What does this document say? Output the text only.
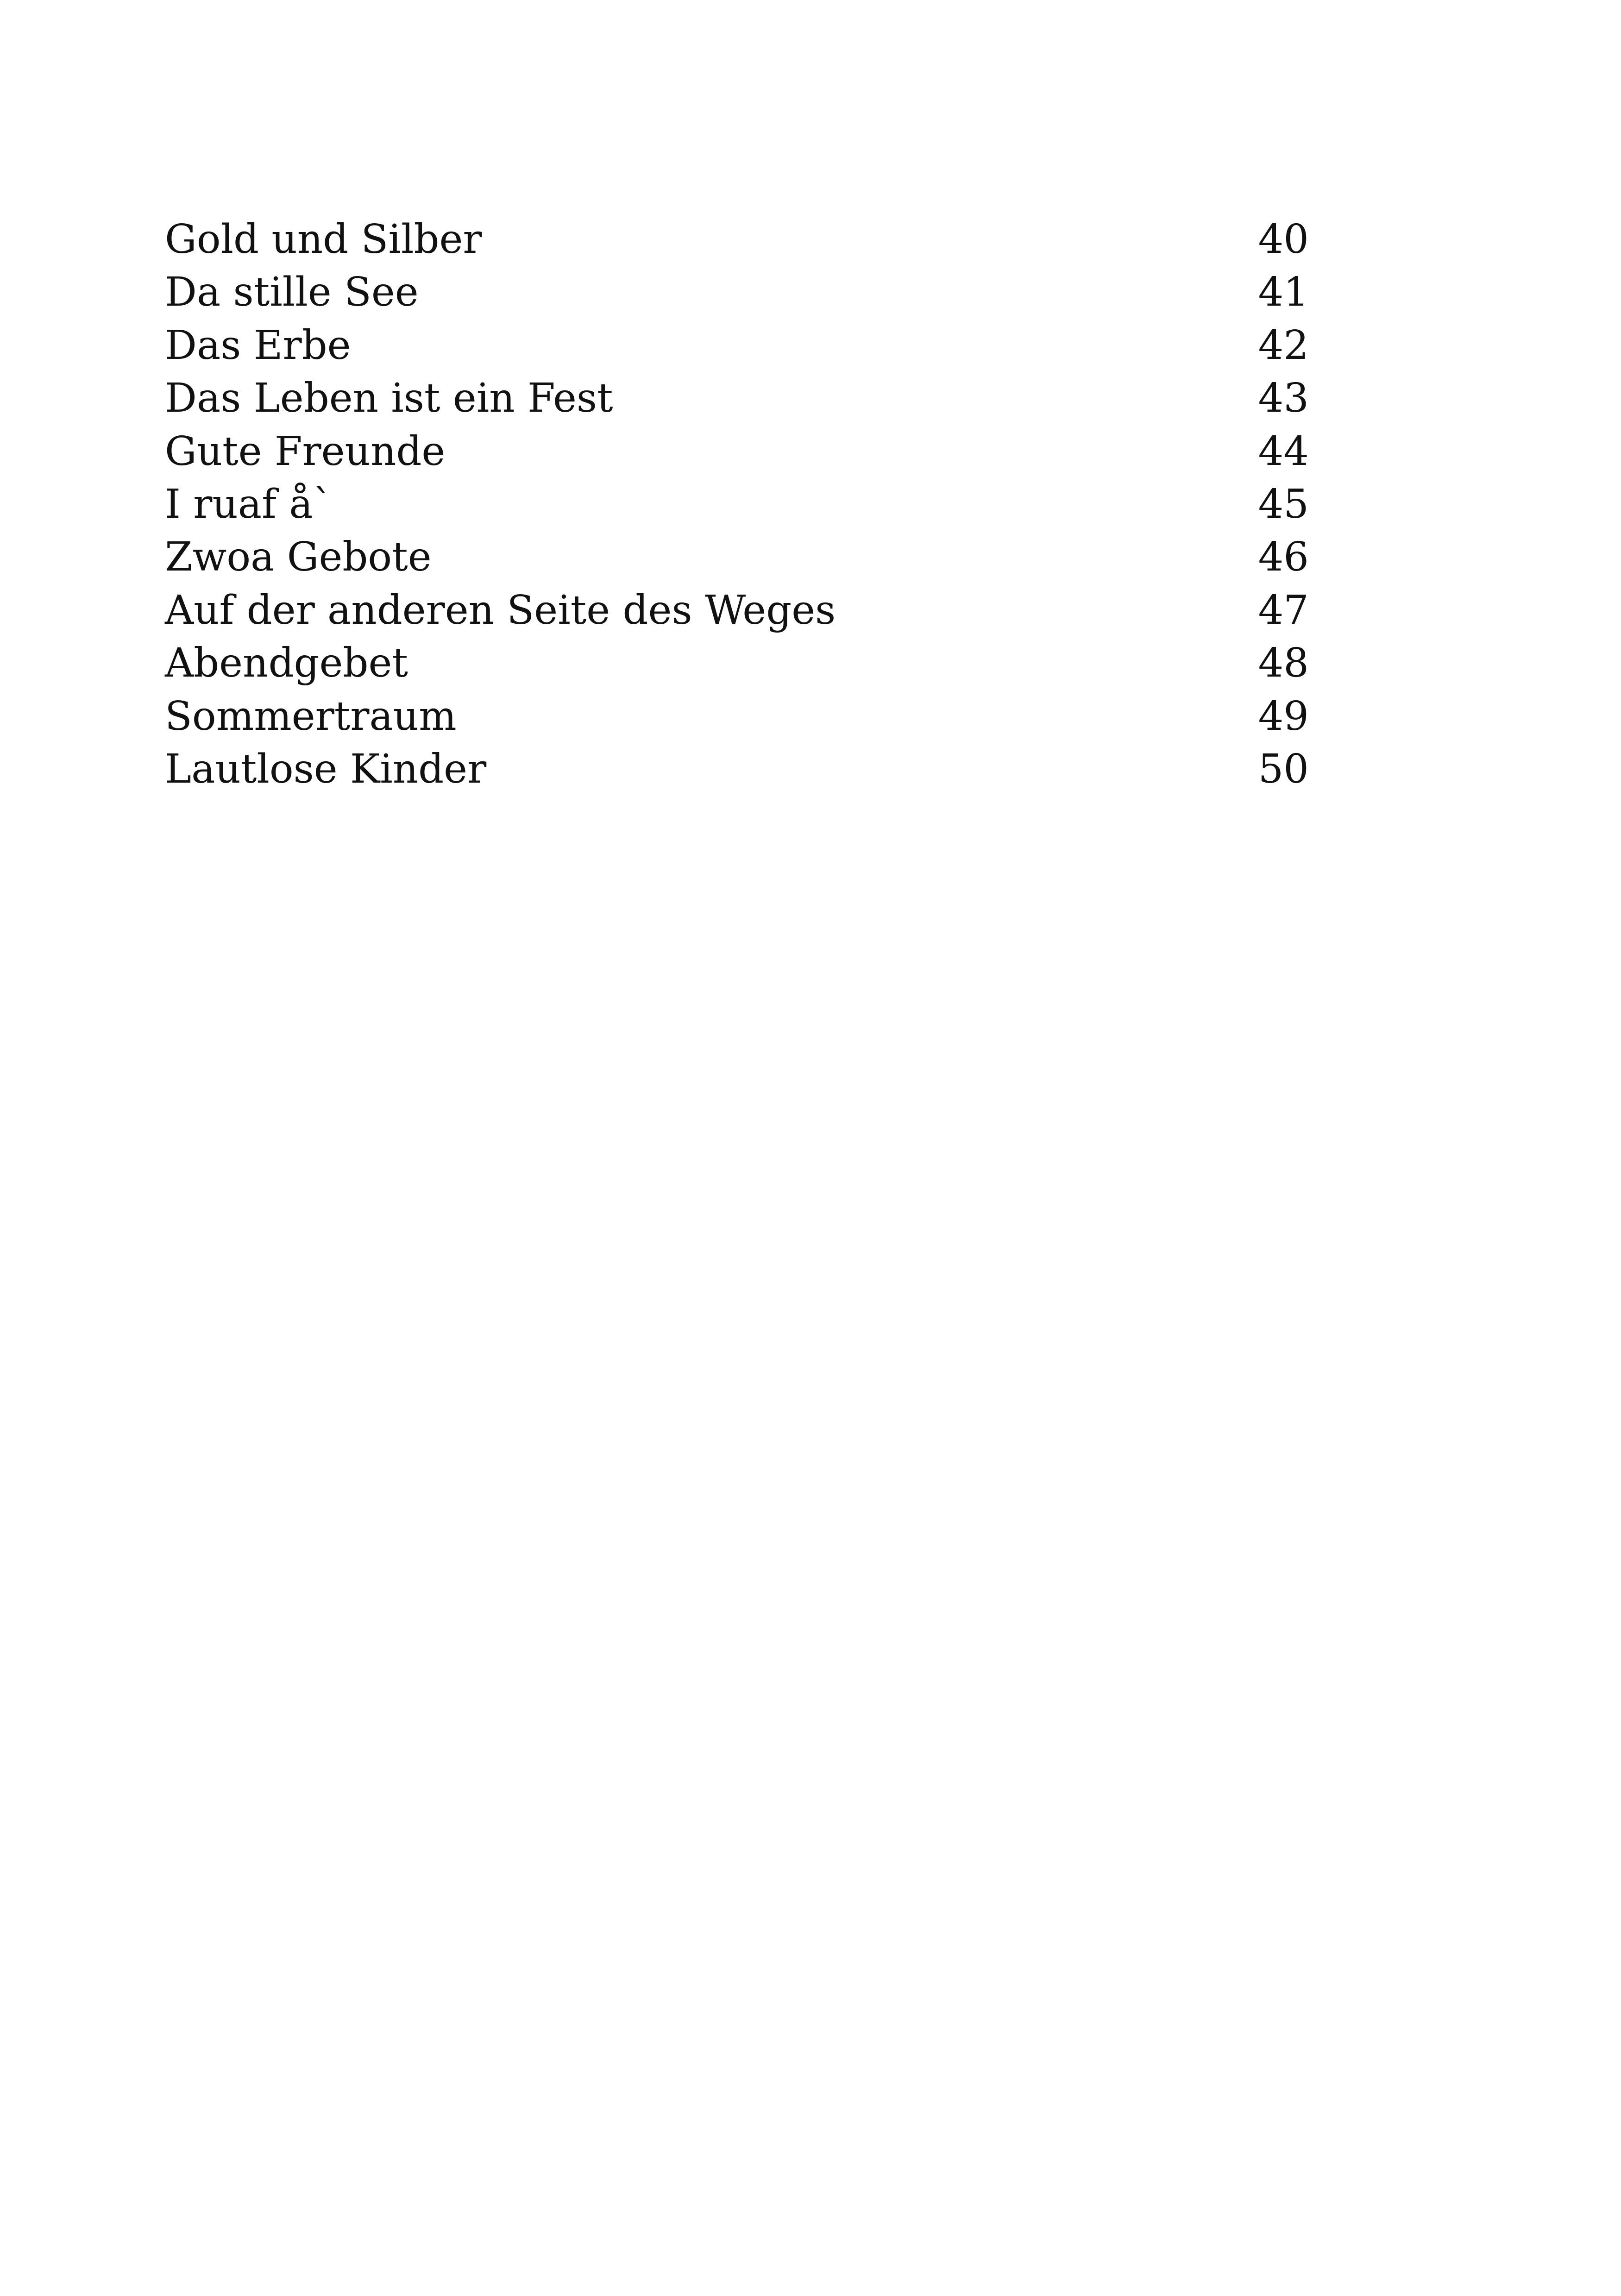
Gold und Silber	40
Da stille See	41
Das Erbe	42
Das Leben ist ein Fest	43
Gute Freunde	44
I ruaf å`	45
Zwoa Gebote	46
Auf der anderen Seite des Weges	47
Abendgebet	48
Sommertraum	49
Lautlose Kinder	50
